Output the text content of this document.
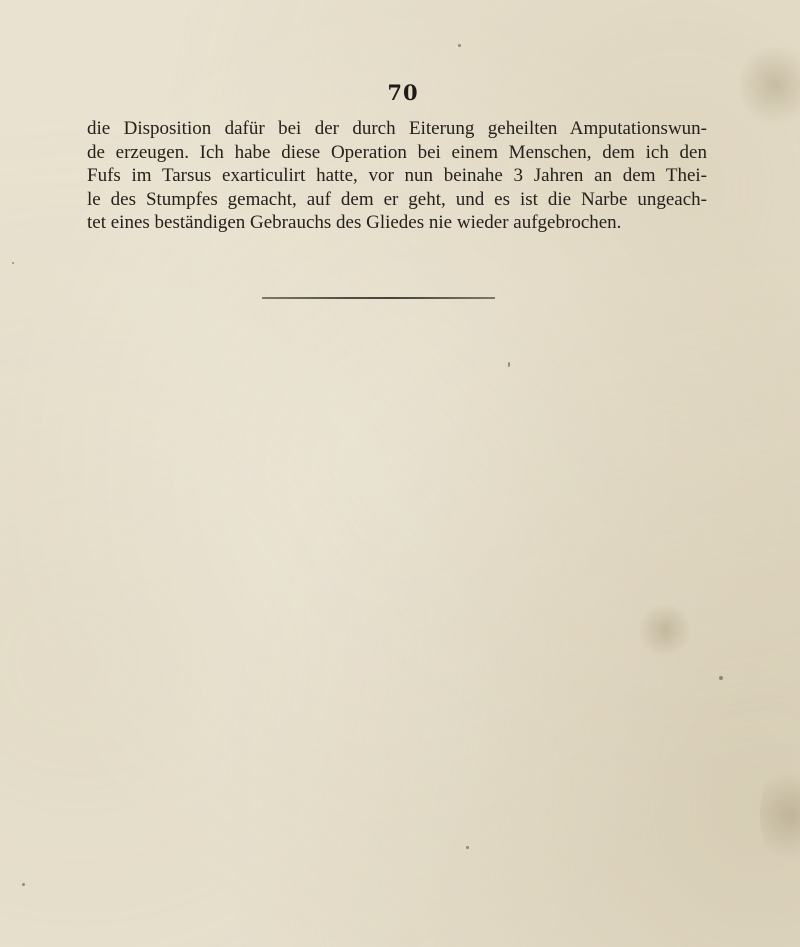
70
die Disposition dafür bei der durch Eiterung geheilten Amputationswun-
de erzeugen. Ich habe diese Operation bei einem Menschen, dem ich den
Fufs im Tarsus exarticulirt hatte, vor nun beinahe 3 Jahren an dem Thei-
le des Stumpfes gemacht, auf dem er geht, und es ist die Narbe ungeach-
tet eines beständigen Gebrauchs des Gliedes nie wieder aufgebrochen.
